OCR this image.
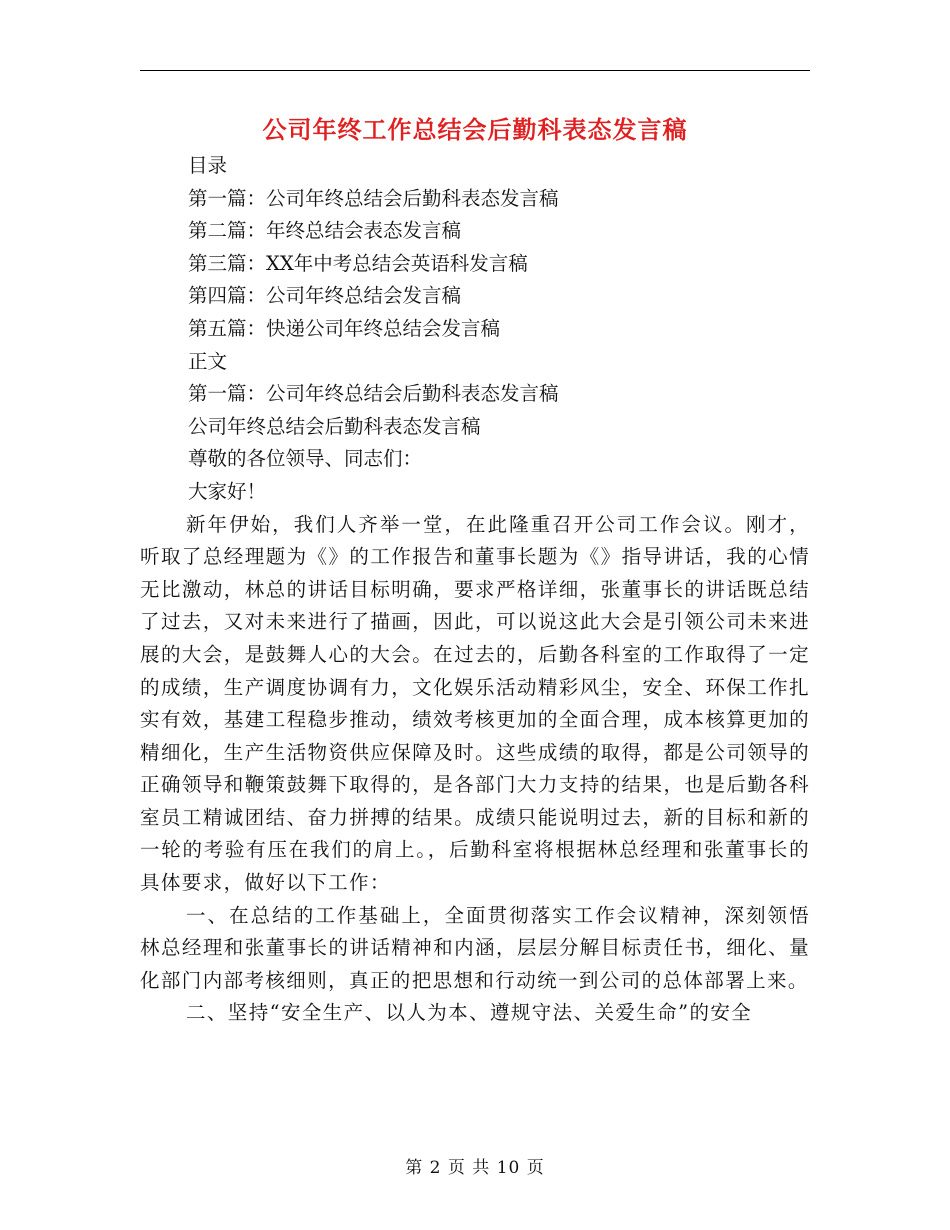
公司年终工作总结会后勤科表态发言稿

目录

第一篇：公司年终总结会后勤科表态发言稿

第二篇：年终总结会表态发言稿

第三篇：XX年中考总结会英语科发言稿

第四篇：公司年终总结会发言稿

第五篇：快递公司年终总结会发言稿

正文

第一篇：公司年终总结会后勤科表态发言稿

公司年终总结会后勤科表态发言稿

尊敬的各位领导、同志们：

大家好！

新年伊始，我们人齐举一堂，在此隆重召开公司工作会议。刚才，听取了总经理题为《》的工作报告和董事长题为《》指导讲话，我的心情无比激动，林总的讲话目标明确，要求严格详细，张董事长的讲话既总结了过去，又对未来进行了描画，因此，可以说这此大会是引领公司未来进展的大会，是鼓舞人心的大会。在过去的，后勤各科室的工作取得了一定的成绩，生产调度协调有力，文化娱乐活动精彩风尘，安全、环保工作扎实有效，基建工程稳步推动，绩效考核更加的全面合理，成本核算更加的精细化，生产生活物资供应保障及时。这些成绩的取得，都是公司领导的正确领导和鞭策鼓舞下取得的，是各部门大力支持的结果，也是后勤各科室员工精诚团结、奋力拼搏的结果。成绩只能说明过去，新的目标和新的一轮的考验有压在我们的肩上。，后勤科室将根据林总经理和张董事长的具体要求，做好以下工作：

一、在总结的工作基础上，全面贯彻落实工作会议精神，深刻领悟林总经理和张董事长的讲话精神和内涵，层层分解目标责任书，细化、量化部门内部考核细则，真正的把思想和行动统一到公司的总体部署上来。

二、坚持“安全生产、以人为本、遵规守法、关爱生命”的安全

第 2 页 共 10 页
